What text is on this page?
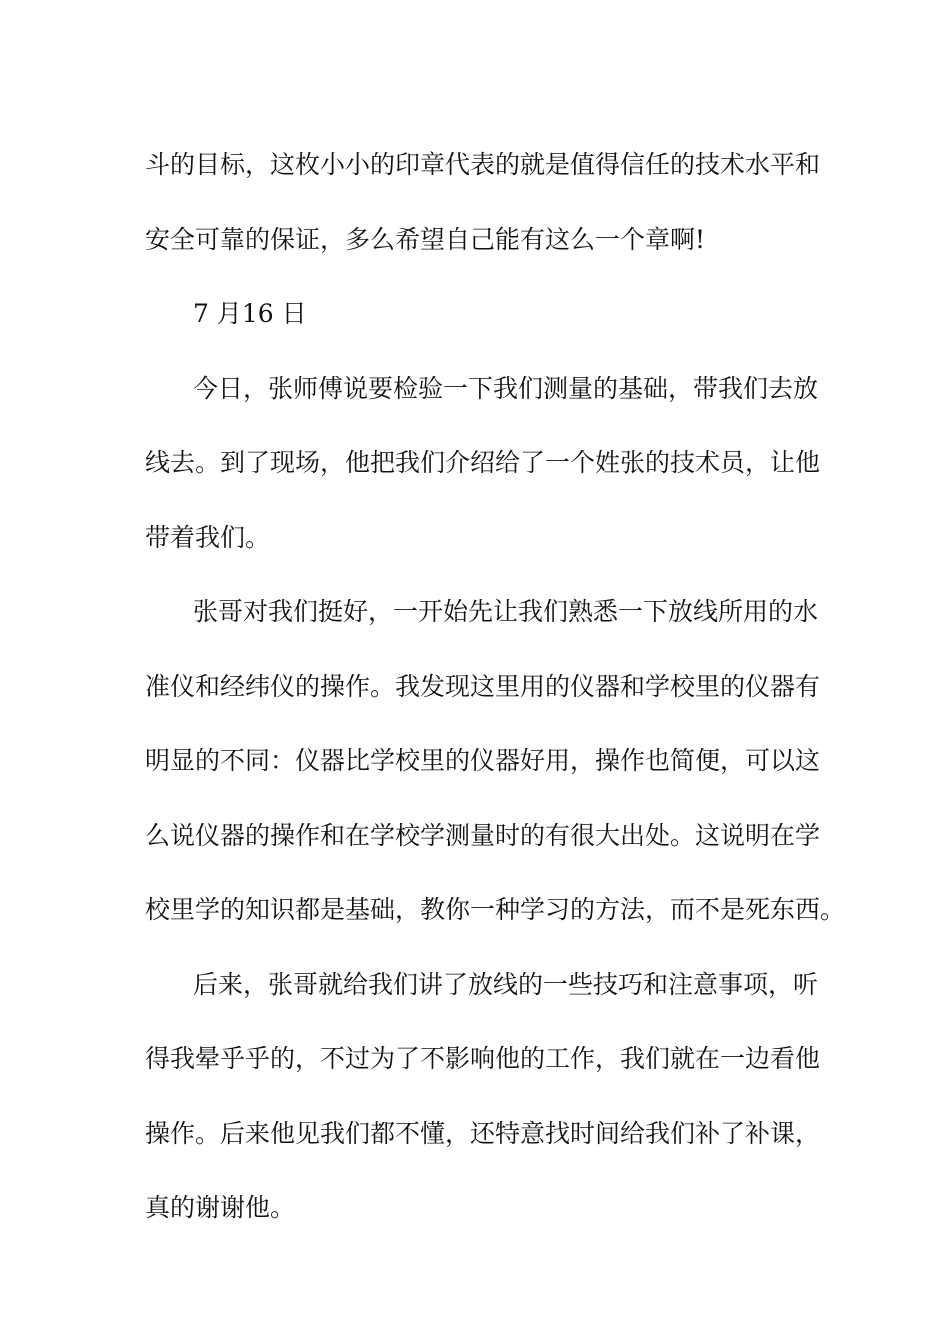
斗的目标，这枚小小的印章代表的就是值得信任的技术水平和
安全可靠的保证，多么希望自己能有这么一个章啊!
7 月16 日
今日，张师傅说要检验一下我们测量的基础，带我们去放
线去。到了现场，他把我们介绍给了一个姓张的技术员，让他
带着我们。
张哥对我们挺好，一开始先让我们熟悉一下放线所用的水
准仪和经纬仪的操作。我发现这里用的仪器和学校里的仪器有
明显的不同：仪器比学校里的仪器好用，操作也简便，可以这
么说仪器的操作和在学校学测量时的有很大出处。这说明在学
校里学的知识都是基础，教你一种学习的方法，而不是死东西。
后来，张哥就给我们讲了放线的一些技巧和注意事项，听
得我晕乎乎的，不过为了不影响他的工作，我们就在一边看他
操作。后来他见我们都不懂，还特意找时间给我们补了补课，
真的谢谢他。
